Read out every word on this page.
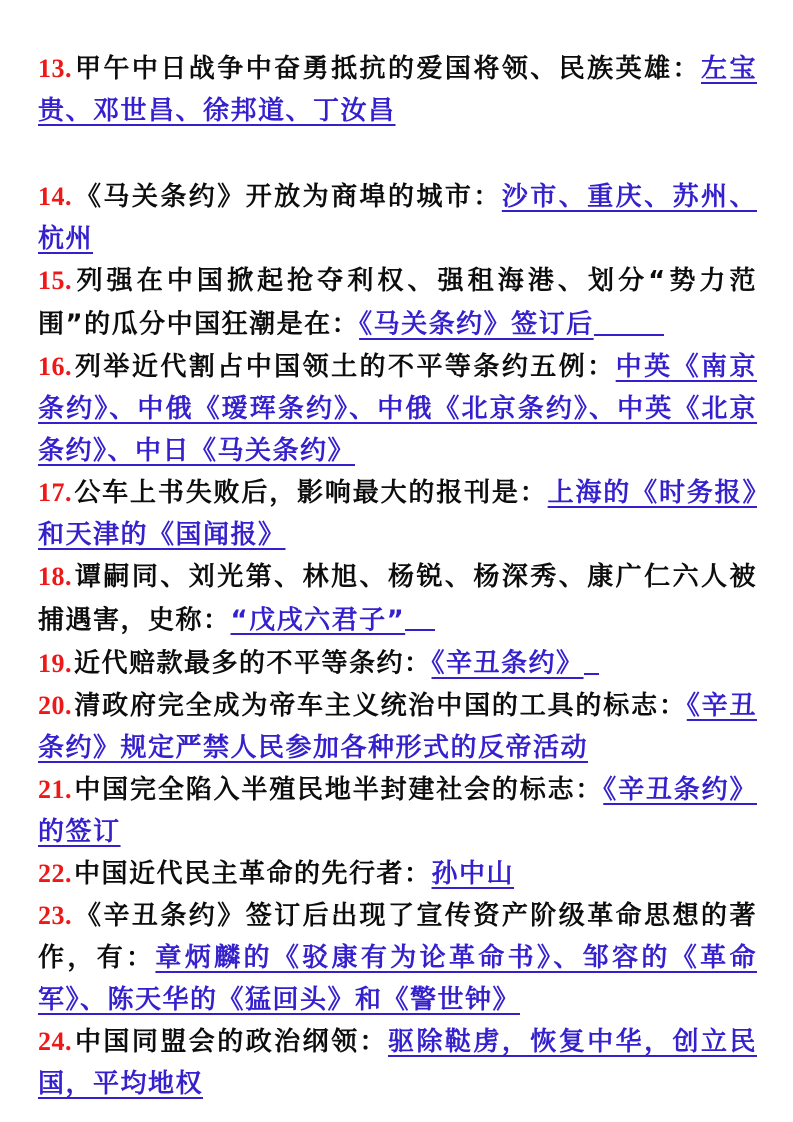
13.甲午中日战争中奋勇抵抗的爱国将领、民族英雄：左宝贵、邓世昌、徐邦道、丁汝昌

14.《马关条约》开放为商埠的城市：沙市、重庆、苏州、杭州

15.列强在中国掀起抢夺利权、强租海港、划分“势力范围”的瓜分中国狂潮是在：《马关条约》签订后

16.列举近代割占中国领土的不平等条约五例：中英《南京条约》、中俄《瑷珲条约》、中俄《北京条约》、中英《北京条约》、中日《马关条约》

17.公车上书失败后，影响最大的报刊是：上海的《时务报》和天津的《国闻报》

18.谭嗣同、刘光第、林旭、杨锐、杨深秀、康广仁六人被捕遇害，史称：“戊戌六君子”

19.近代赔款最多的不平等条约：《辛丑条约》

20.清政府完全成为帝车主义统治中国的工具的标志：《辛丑条约》规定严禁人民参加各种形式的反帝活动

21.中国完全陷入半殖民地半封建社会的标志：《辛丑条约》的签订

22.中国近代民主革命的先行者：孙中山

23.《辛丑条约》签订后出现了宣传资产阶级革命思想的著作，有：章炳麟的《驳康有为论革命书》、邹容的《革命军》、陈天华的《猛回头》和《警世钟》

24.中国同盟会的政治纲领：驱除鞑虏，恢复中华，创立民国，平均地权
